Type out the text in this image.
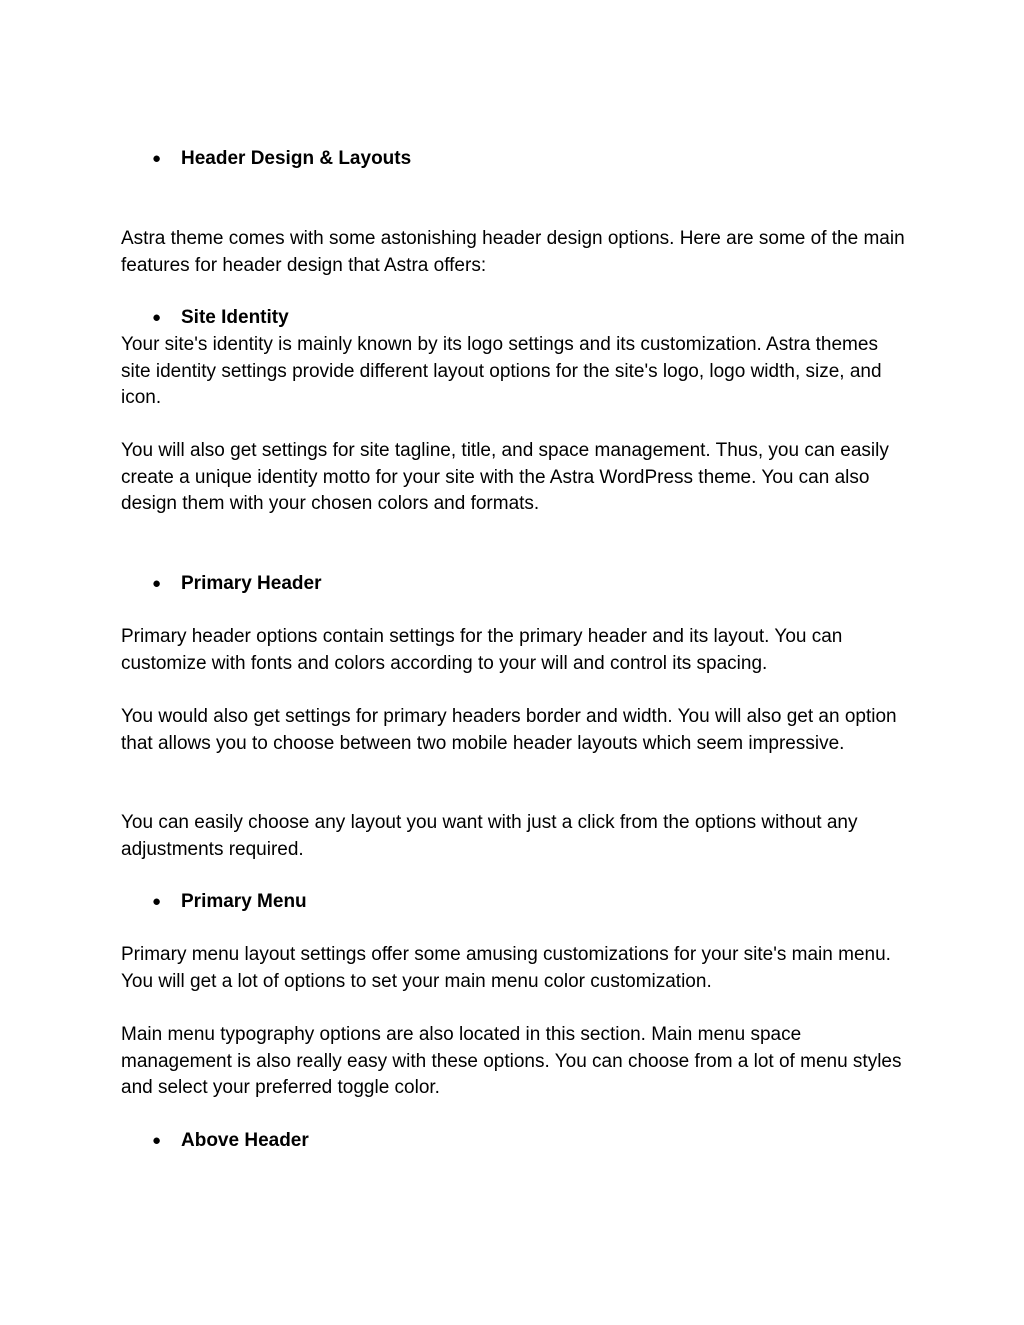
● Header Design & Layouts

Astra theme comes with some astonishing header design options. Here are some of the main features for header design that Astra offers:

● Site Identity

Your site's identity is mainly known by its logo settings and its customization. Astra themes site identity settings provide different layout options for the site's logo, logo width, size, and icon.

You will also get settings for site tagline, title, and space management. Thus, you can easily create a unique identity motto for your site with the Astra WordPress theme. You can also design them with your chosen colors and formats.

● Primary Header

Primary header options contain settings for the primary header and its layout. You can customize with fonts and colors according to your will and control its spacing.

You would also get settings for primary headers border and width. You will also get an option that allows you to choose between two mobile header layouts which seem impressive.

You can easily choose any layout you want with just a click from the options without any adjustments required.

● Primary Menu

Primary menu layout settings offer some amusing customizations for your site's main menu. You will get a lot of options to set your main menu color customization.

Main menu typography options are also located in this section. Main menu space management is also really easy with these options. You can choose from a lot of menu styles and select your preferred toggle color.

● Above Header
